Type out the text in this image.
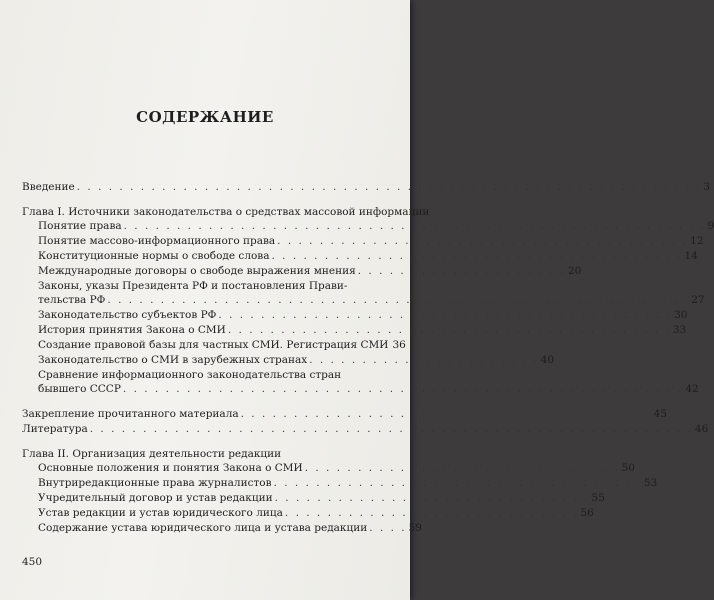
СОДЕРЖАНИЕ
Введение . . . . . . . . . . . . . . . . . . . . . . . . . . . . . . . . . . . . . . . . . . . . . . . . . . . . . . . . . . . 3
Глава I. Источники законодательства о средствах массовой информации
Понятие права . . . . . . . . . . . . . . . . . . . . . . . . . . . . . . . . . . . . . . . . . . . . . . . . . . . . . . . 9
Понятие массово-информационного права . . . . . . . . . . . . . . . . . . . . . . . . . . . . . . . . . . . . . . . 12
Конституционные нормы о свободе слова . . . . . . . . . . . . . . . . . . . . . . . . . . . . . . . . . . . . . . . 14
Международные договоры о свободе выражения мнения . . . . . . . . . . . . . . . . . . . . 20
Законы, указы Президента РФ и постановления Прави-
тельства РФ . . . . . . . . . . . . . . . . . . . . . . . . . . . . . . . . . . . . . . . . . . . . . . . . . . . . . . . 27
Законодательство субъектов РФ . . . . . . . . . . . . . . . . . . . . . . . . . . . . . . . . . . . . . . . . . . . 30
История принятия Закона о СМИ . . . . . . . . . . . . . . . . . . . . . . . . . . . . . . . . . . . . . . . . . . 33
Создание правовой базы для частных СМИ. Регистрация СМИ 36
Законодательство о СМИ в зарубежных странах . . . . . . . . . . . . . . . . . . . . . . 40
Сравнение информационного законодательства стран
бывшего СССР . . . . . . . . . . . . . . . . . . . . . . . . . . . . . . . . . . . . . . . . . . . . . . . . . . . . . 42
Закрепление прочитанного материала . . . . . . . . . . . . . . . . . . . . . . . . . . . . . . . . . . . . . . . 45
Литература . . . . . . . . . . . . . . . . . . . . . . . . . . . . . . . . . . . . . . . . . . . . . . . . . . . . . . . . . 46
Глава II. Организация деятельности редакции
Основные положения и понятия Закона о СМИ . . . . . . . . . . . . . . . . . . . . . . . . . . . . . . 50
Внутриредакционные права журналистов . . . . . . . . . . . . . . . . . . . . . . . . . . . . . . . . . . . 53
Учредительный договор и устав редакции . . . . . . . . . . . . . . . . . . . . . . . . . . . . . . 55
Устав редакции и устав юридического лица . . . . . . . . . . . . . . . . . . . . . . . . . . . . 56
Содержание устава юридического лица и устава редакции . . . . 59
450
